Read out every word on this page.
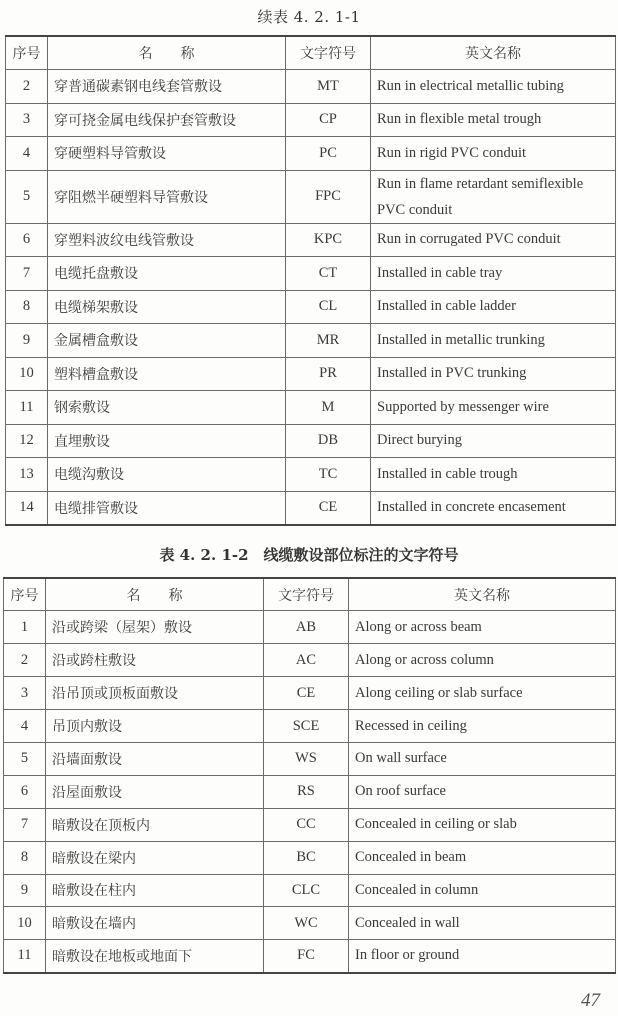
续表 4. 2. 1-1
序号	名　　称	文字符号	英文名称
2	穿普通碳素钢电线套管敷设	MT	Run in electrical metallic tubing
3	穿可挠金属电线保护套管敷设	CP	Run in flexible metal trough
4	穿硬塑料导管敷设	PC	Run in rigid PVC conduit
5	穿阻燃半硬塑料导管敷设	FPC	Run in flame retardant semiflexible PVC conduit
6	穿塑料波纹电线管敷设	KPC	Run in corrugated PVC conduit
7	电缆托盘敷设	CT	Installed in cable tray
8	电缆梯架敷设	CL	Installed in cable ladder
9	金属槽盒敷设	MR	Installed in metallic trunking
10	塑料槽盒敷设	PR	Installed in PVC trunking
11	钢索敷设	M	Supported by messenger wire
12	直埋敷设	DB	Direct burying
13	电缆沟敷设	TC	Installed in cable trough
14	电缆排管敷设	CE	Installed in concrete encasement
表 4. 2. 1-2　线缆敷设部位标注的文字符号
序号	名　　称	文字符号	英文名称
1	沿或跨梁（屋架）敷设	AB	Along or across beam
2	沿或跨柱敷设	AC	Along or across column
3	沿吊顶或顶板面敷设	CE	Along ceiling or slab surface
4	吊顶内敷设	SCE	Recessed in ceiling
5	沿墙面敷设	WS	On wall surface
6	沿屋面敷设	RS	On roof surface
7	暗敷设在顶板内	CC	Concealed in ceiling or slab
8	暗敷设在梁内	BC	Concealed in beam
9	暗敷设在柱内	CLC	Concealed in column
10	暗敷设在墙内	WC	Concealed in wall
11	暗敷设在地板或地面下	FC	In floor or ground
47
